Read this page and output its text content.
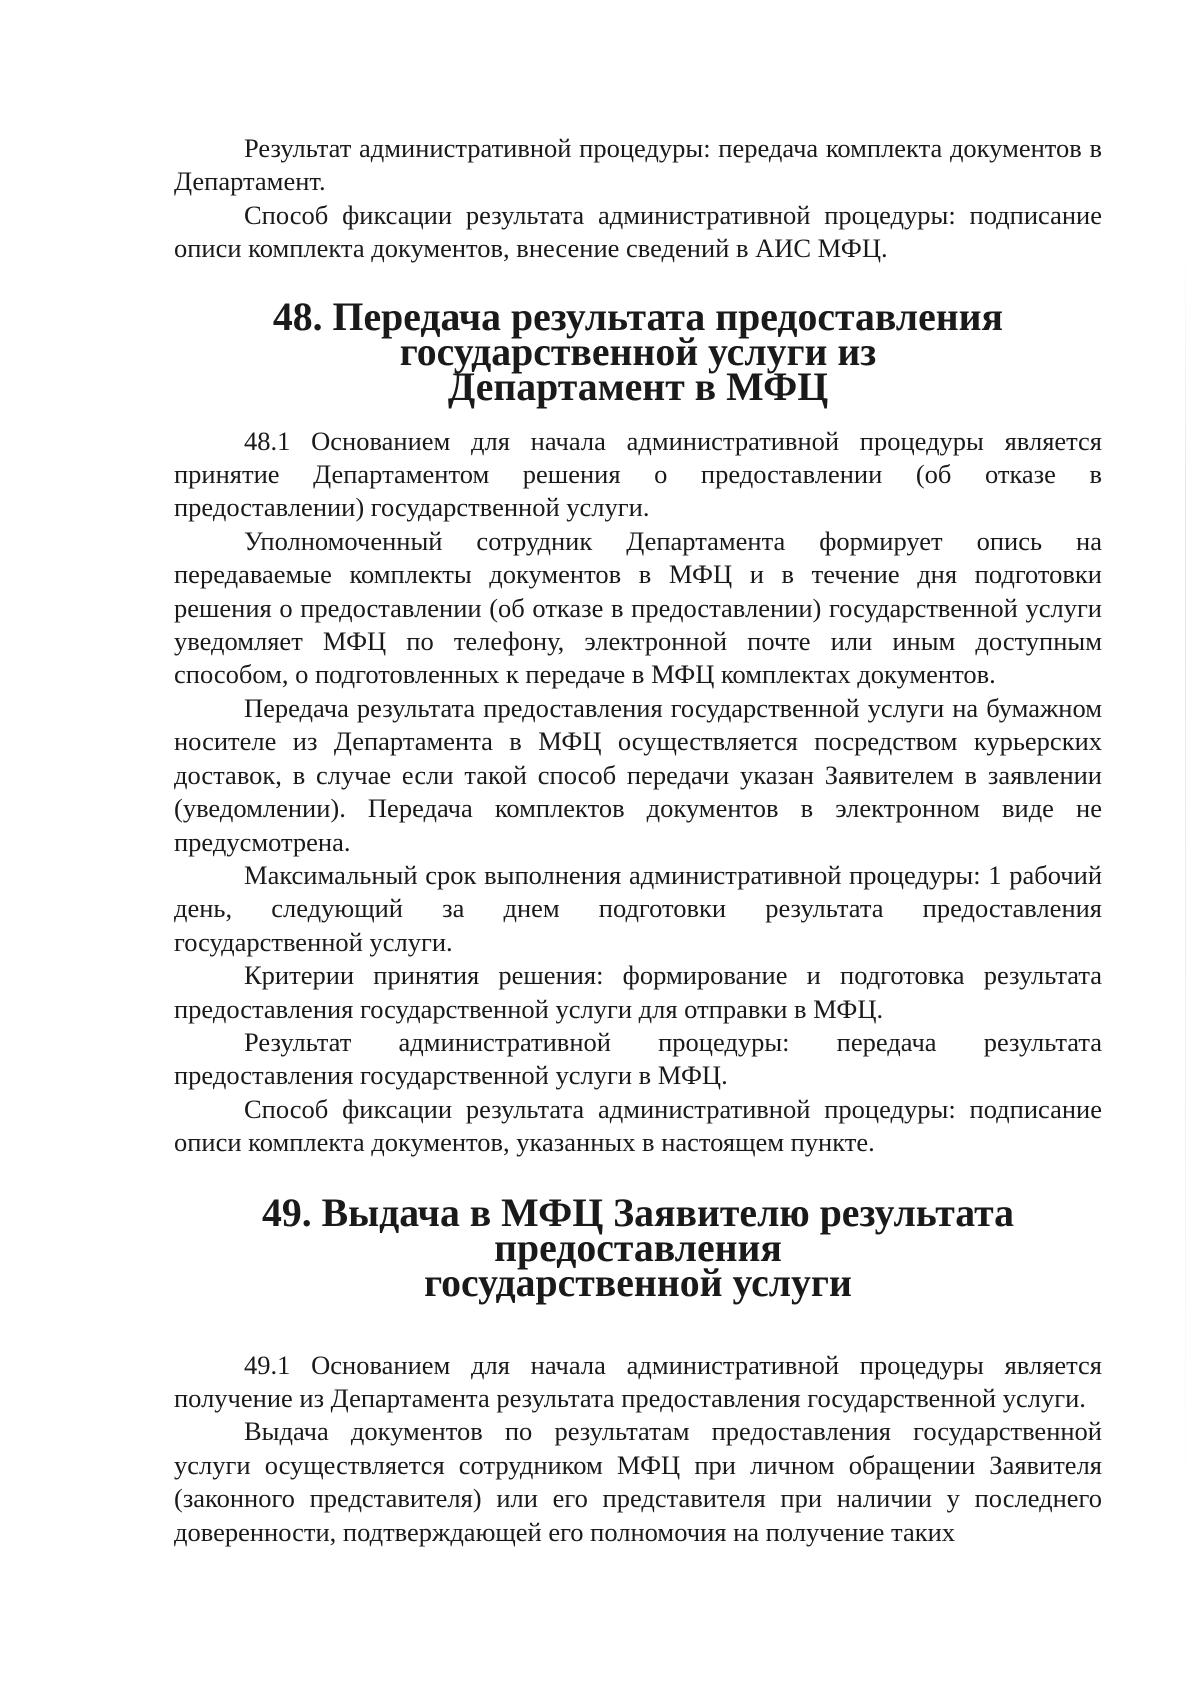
Результат административной процедуры: передача комплекта документов в Департамент.

Способ фиксации результата административной процедуры: подписание описи комплекта документов, внесение сведений в АИС МФЦ.

48. Передача результата предоставления государственной услуги из
Департамент в МФЦ

48.1 Основанием для начала административной процедуры является принятие Департаментом решения о предоставлении (об отказе в предоставлении) государственной услуги.

Уполномоченный сотрудник Департамента формирует опись на передаваемые комплекты документов в МФЦ и в течение дня подготовки решения о предоставлении (об отказе в предоставлении) государственной услуги уведомляет МФЦ по телефону, электронной почте или иным доступным способом, о подготовленных к передаче в МФЦ комплектах документов.

Передача результата предоставления государственной услуги на бумажном носителе из Департамента в МФЦ осуществляется посредством курьерских доставок, в случае если такой способ передачи указан Заявителем в заявлении (уведомлении). Передача комплектов документов в электронном виде не предусмотрена.

Максимальный срок выполнения административной процедуры: 1 рабочий день, следующий за днем подготовки результата предоставления государственной услуги.

Критерии принятия решения: формирование и подготовка результата предоставления государственной услуги для отправки в МФЦ.

Результат административной процедуры: передача результата предоставления государственной услуги в МФЦ.

Способ фиксации результата административной процедуры: подписание описи комплекта документов, указанных в настоящем пункте.

49. Выдача в МФЦ Заявителю результата предоставления
государственной услуги

49.1 Основанием для начала административной процедуры является получение из Департамента результата предоставления государственной услуги.

Выдача документов по результатам предоставления государственной услуги осуществляется сотрудником МФЦ при личном обращении Заявителя (законного представителя) или его представителя при наличии у последнего доверенности, подтверждающей его полномочия на получение таких
